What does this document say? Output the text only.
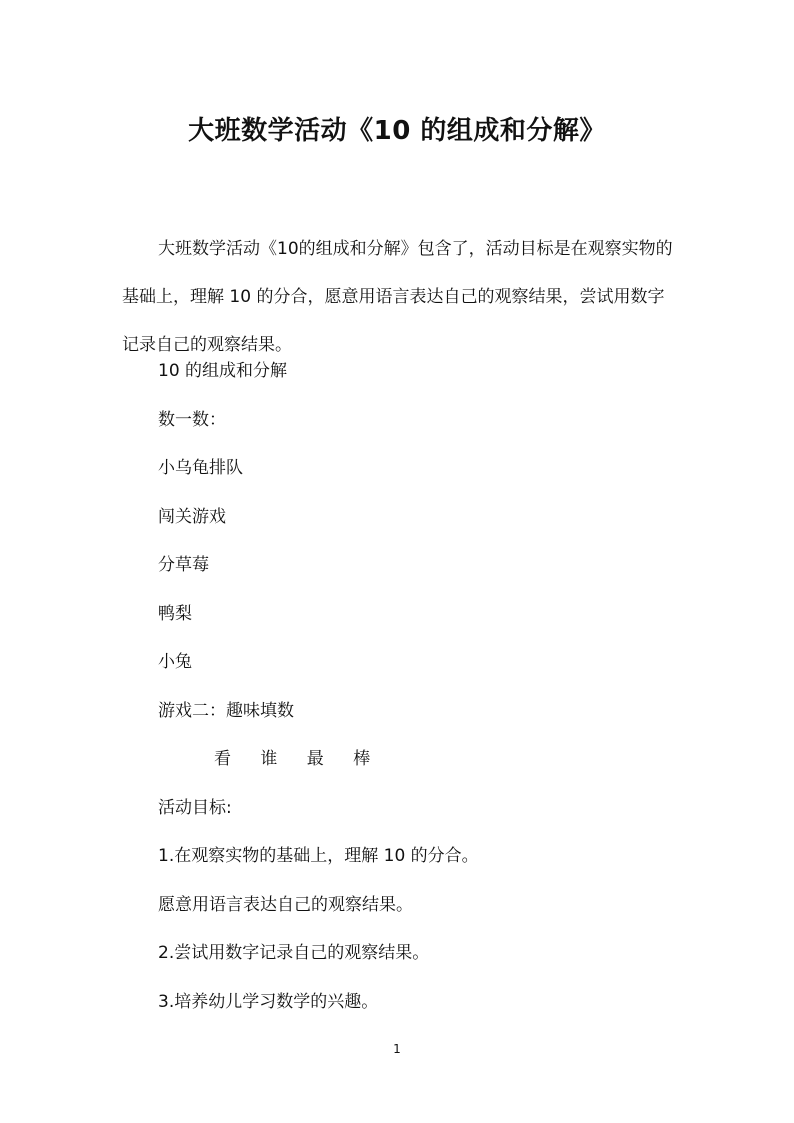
大班数学活动《10 的组成和分解》

大班数学活动《10的组成和分解》包含了，活动目标是在观察实物的基础上，理解 10 的分合，愿意用语言表达自己的观察结果，尝试用数字记录自己的观察结果。

10 的组成和分解
数一数：
小乌龟排队
闯关游戏
分草莓
鸭梨
小兔
游戏二：趣味填数
看 谁 最 棒
活动目标:
1.在观察实物的基础上，理解 10 的分合。
愿意用语言表达自己的观察结果。
2.尝试用数字记录自己的观察结果。
3.培养幼儿学习数学的兴趣。
1
